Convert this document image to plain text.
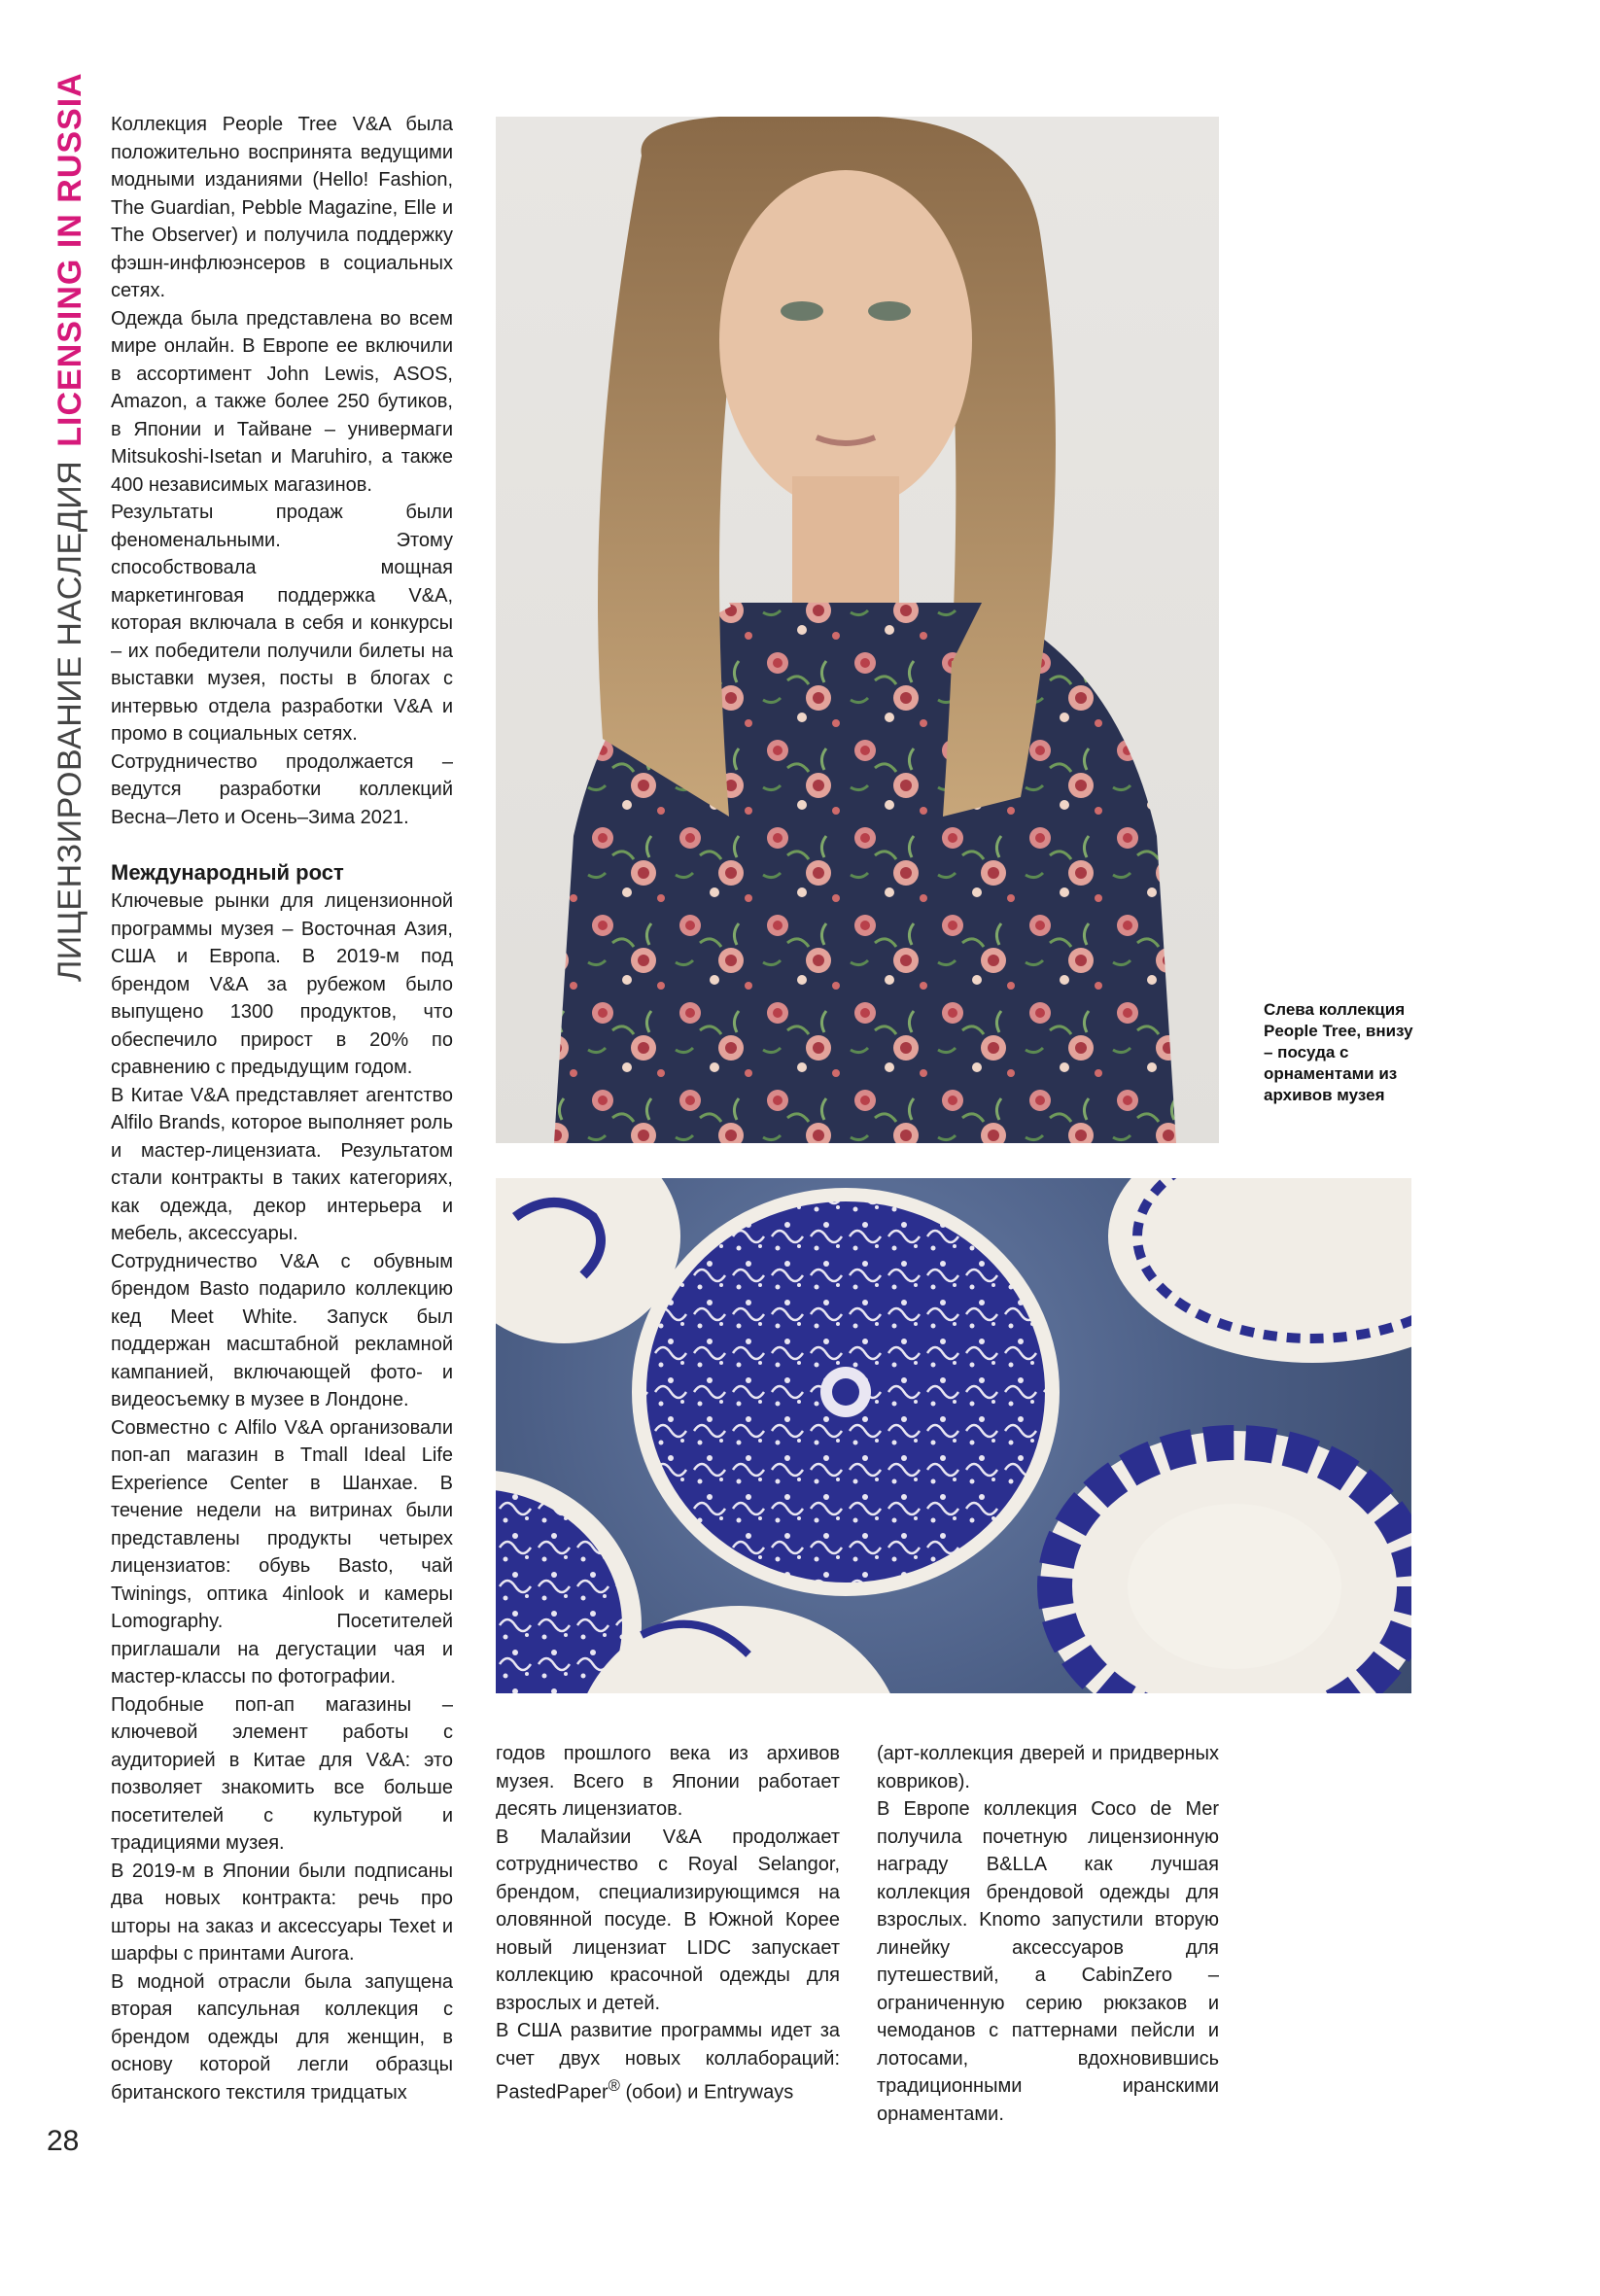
ЛИЦЕНЗИРОВАНИЕ НАСЛЕДИЯLICENSING IN RUSSIA	Коллекция People Tree V&A была положительно воспринята ведущими модными изданиями (Hello! Fashion, The Guardian, Pebble Magazine, Elle и The Observer) и получила поддержку фэшн-инфлюэнсеров в социальных сетях.

Одежда была представлена во всем мире онлайн. В Европе ее включили в ассортимент John Lewis, ASOS, Amazon, а также более 250 бутиков, в Японии и Тайване – универмаги Mitsukoshi-Isetan и Maruhiro, а также 400 независимых магазинов.

Результаты продаж были феноменальными. Этому способствовала мощная маркетинговая поддержка V&A, которая включала в себя и конкурсы – их победители получили билеты на выставки музея, посты в блогах с интервью отдела разработки V&A и промо в социальных сетях.

Сотрудничество продолжается – ведутся разработки коллекций Весна–Лето и Осень–Зима 2021.

Международный рост

Ключевые рынки для лицензионной программы музея – Восточная Азия, США и Европа. В 2019-м под брендом V&A за рубежом было выпущено 1300 продуктов, что обеспечило прирост в 20% по сравнению с предыдущим годом.

В Китае V&A представляет агентство Alfilo Brands, которое выполняет роль и мастер-лицензиата. Результатом стали контракты в таких категориях, как одежда, декор интерьера и мебель, аксессуары.

Сотрудничество V&A с обувным брендом Basto подарило коллекцию кед Meet White. Запуск был поддержан масштабной рекламной кампанией, включающей фото- и видеосъемку в музее в Лондоне.

Совместно с Alfilo V&A организовали поп-ап магазин в Tmall Ideal Life Experience Center в Шанхае. В течение недели на витринах были представлены продукты четырех лицензиатов: обувь Basto, чай Twinings, оптика 4inlook и камеры Lomography. Посетителей приглашали на дегустации чая и мастер-классы по фотографии.

Подобные поп-ап магазины – ключевой элемент работы с аудиторией в Китае для V&A: это позволяет знакомить все больше посетителей с культурой и традициями музея.

В 2019-м в Японии были подписаны два новых контракта: речь про шторы на заказ и аксессуары Texet и шарфы с принтами Aurora.

В модной отрасли была запущена вторая капсульная коллекция с брендом одежды для женщин, в основу которой легли образцы британского текстиля тридцатых

Слева коллекция People Tree, внизу – посуда с орнаментами из архивов музея

годов прошлого века из архивов музея. Всего в Японии работает десять лицензиатов.

В Малайзии V&A продолжает сотрудничество с Royal Selangor, брендом, специализирующимся на оловянной посуде. В Южной Корее новый лицензиат LIDC запускает коллекцию красочной одежды для взрослых и детей.

В США развитие программы идет за счет двух новых коллабораций: PastedPaper® (обои) и Entryways

(арт-коллекция дверей и придверных ковриков).

В Европе коллекция Coco de Mer получила почетную лицензионную награду B&LLA как лучшая коллекция брендовой одежды для взрослых. Knomo запустили вторую линейку аксессуаров для путешествий, а CabinZero – ограниченную серию рюкзаков и чемоданов с паттернами пейсли и лотосами, вдохновившись традиционными иранскими орнаментами.

28
